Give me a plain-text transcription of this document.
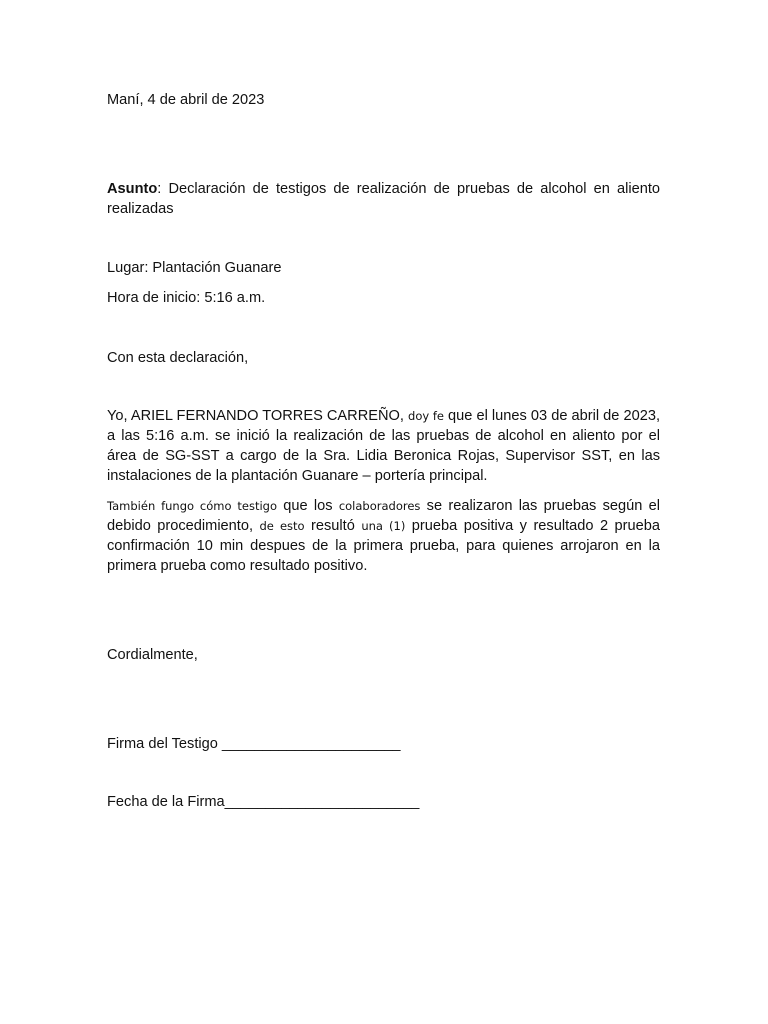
Maní, 4 de abril de 2023
Asunto: Declaración de testigos de realización de pruebas de alcohol en aliento realizadas
Lugar: Plantación Guanare
Hora de inicio: 5:16 a.m.
Con esta declaración,
Yo, ARIEL FERNANDO TORRES CARREÑO, doy fe que el lunes 03 de abril de 2023, a las 5:16 a.m. se inició la realización de las pruebas de alcohol en aliento por el área de SG-SST a cargo de la Sra. Lidia Beronica Rojas, Supervisor SST, en las instalaciones de la plantación Guanare – portería principal.
También fungo cómo testigo que los colaboradores se realizaron las pruebas según el debido procedimiento, de esto resultó una (1) prueba positiva y resultado 2 prueba confirmación 10 min despues de la primera prueba, para quienes arrojaron en la primera prueba como resultado positivo.
Cordialmente,
Firma del Testigo ______________________
Fecha de la Firma________________________
